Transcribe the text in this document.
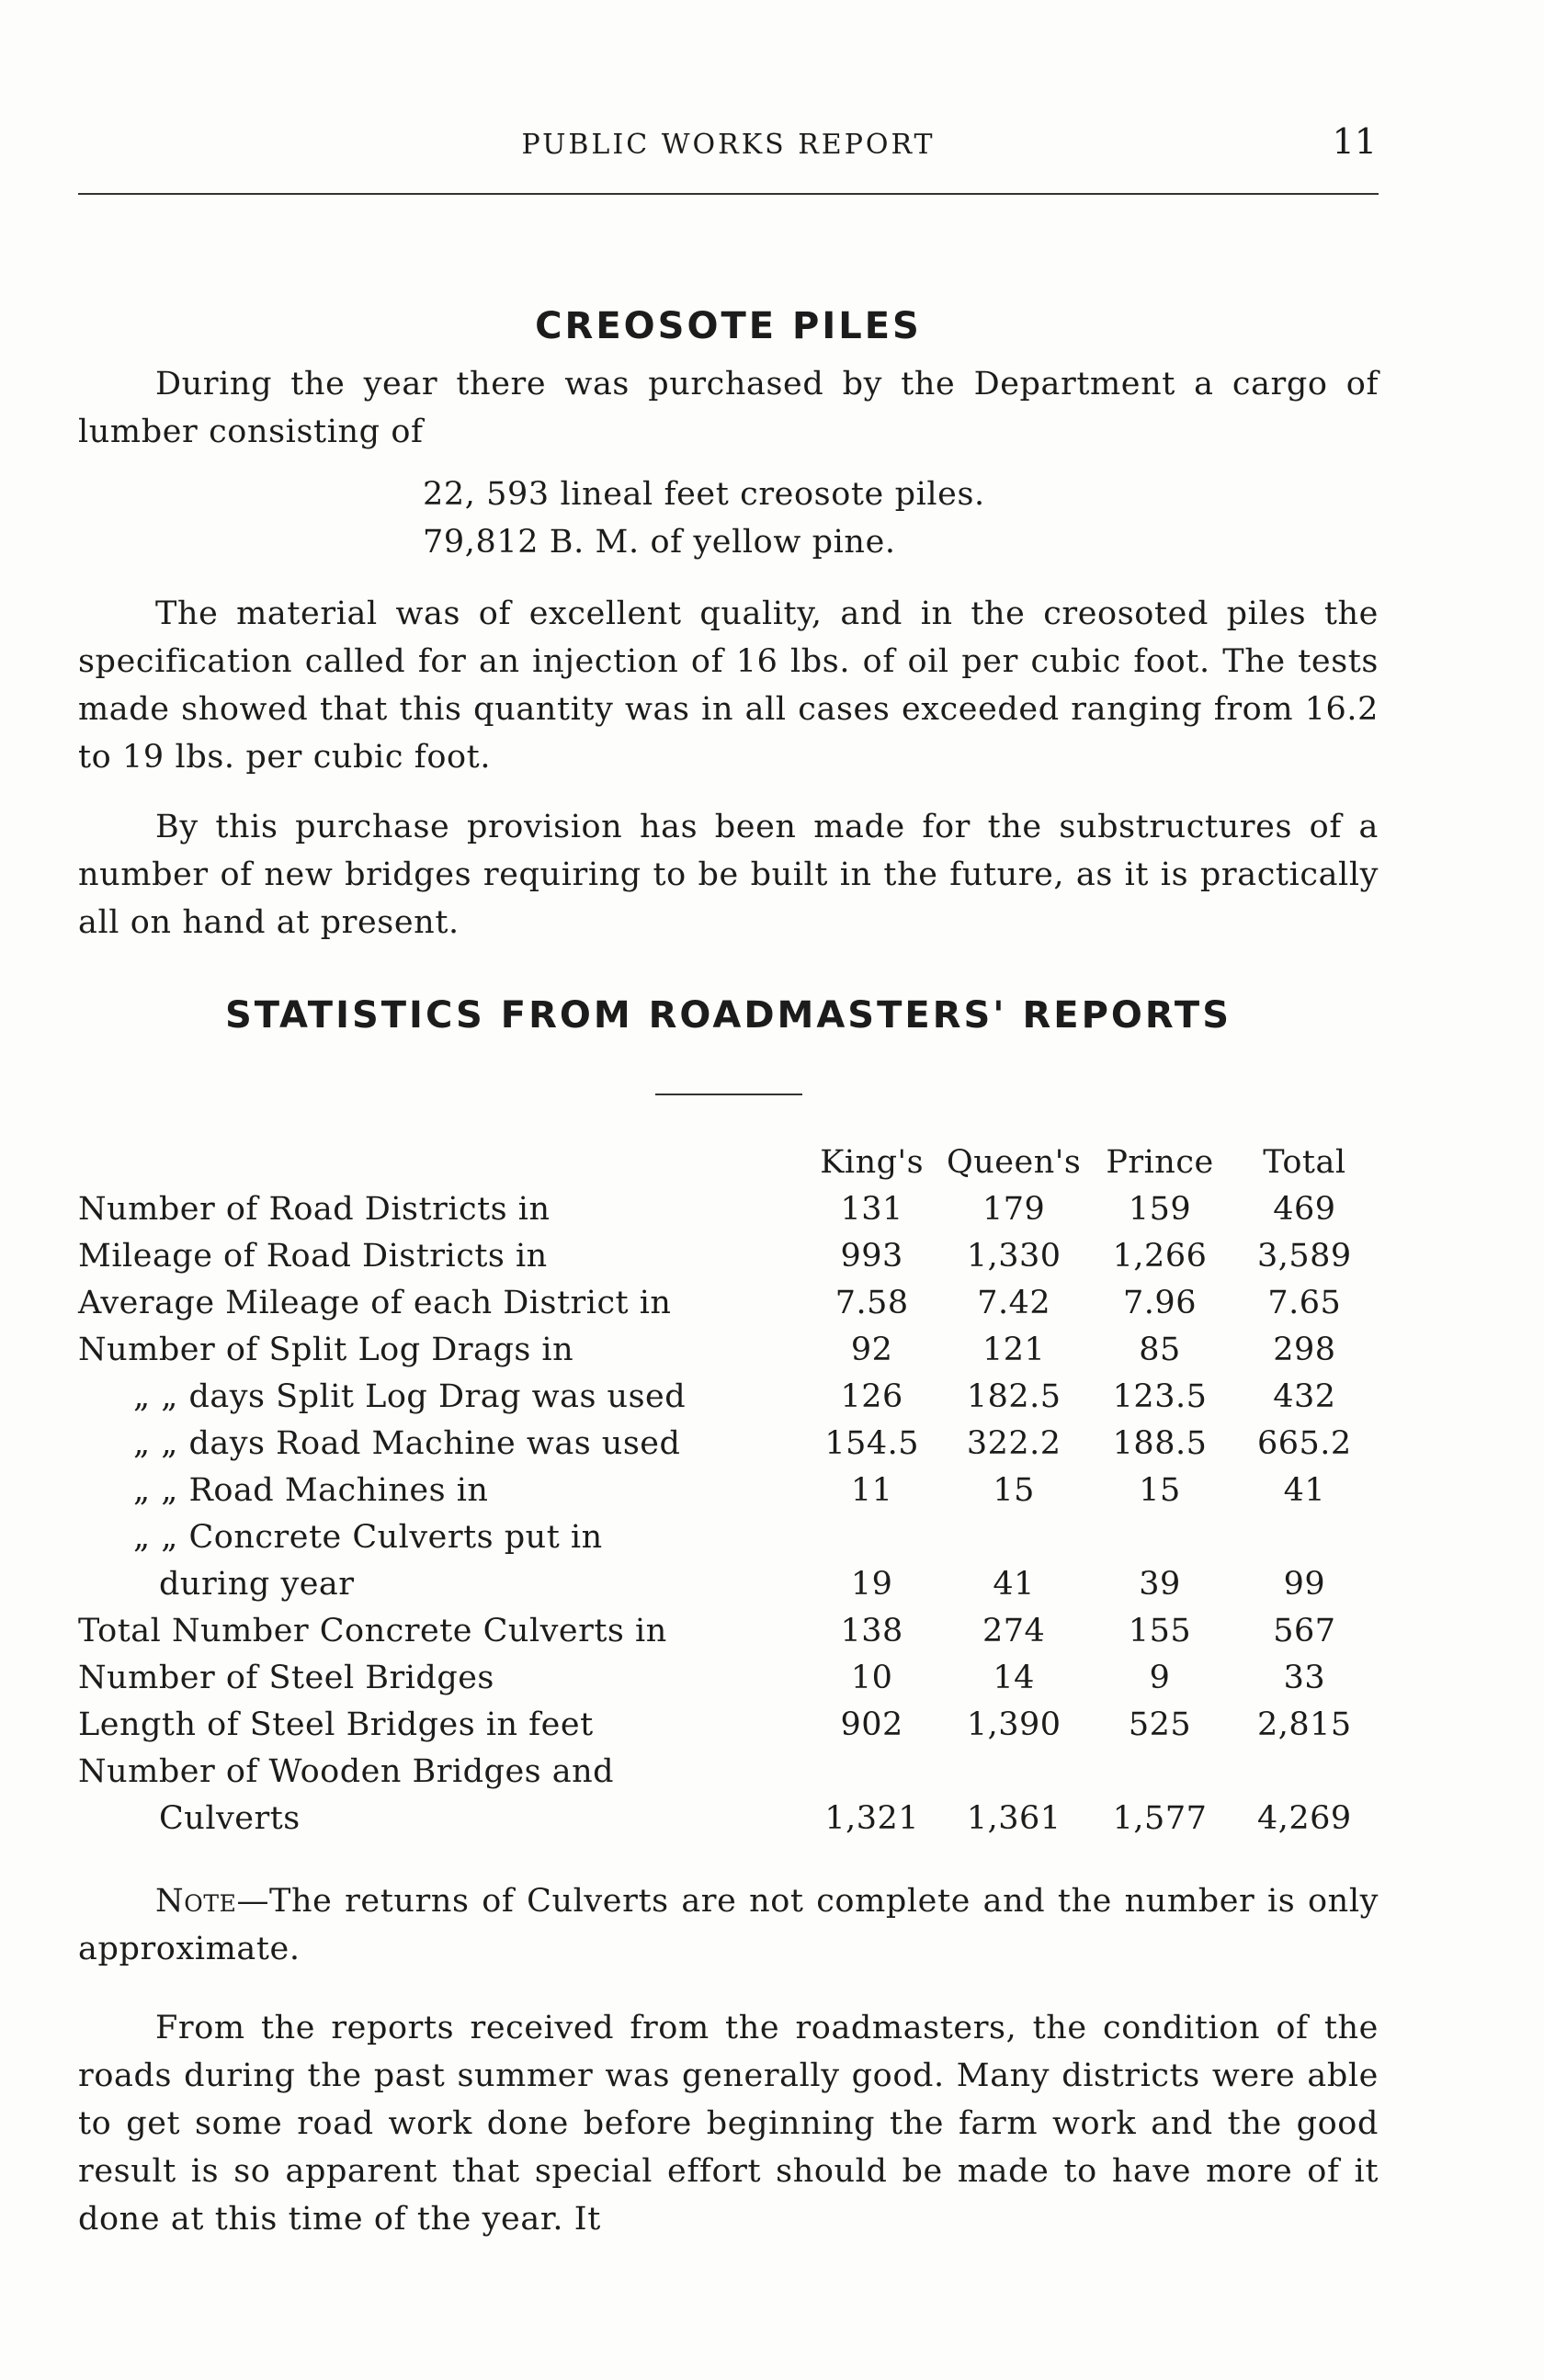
PUBLIC WORKS REPORT	11
CREOSOTE PILES

During the year there was purchased by the Department a cargo of lumber consisting of

22, 593 lineal feet creosote piles.
79,812 B. M. of yellow pine.

The material was of excellent quality, and in the creosoted piles the specification called for an injection of 16 lbs. of oil per cubic foot. The tests made showed that this quantity was in all cases exceeded ranging from 16.2 to 19 lbs. per cubic foot.

By this purchase provision has been made for the substructures of a number of new bridges requiring to be built in the future, as it is practically all on hand at present.

STATISTICS FROM ROADMASTERS' REPORTS
	King's	Queen's	Prince	Total
Number of Road Districts in	131	179	159	469
Mileage of Road Districts in	993	1,330	1,266	3,589
Average Mileage of each District in	7.58	7.42	7.96	7.65
Number of Split Log Drags in	92	121	85	298
„ „ days Split Log Drag was used	126	182.5	123.5	432
„ „ days Road Machine was used	154.5	322.2	188.5	665.2
„ „ Road Machines in	11	15	15	41
„ „ Concrete Culverts put in				
during year	19	41	39	99
Total Number Concrete Culverts in	138	274	155	567
Number of Steel Bridges	10	14	9	33
Length of Steel Bridges in feet	902	1,390	525	2,815
Number of Wooden Bridges and				
Culverts	1,321	1,361	1,577	4,269

Note—The returns of Culverts are not complete and the number is only approximate.

From the reports received from the roadmasters, the condition of the roads during the past summer was generally good. Many districts were able to get some road work done before beginning the farm work and the good result is so apparent that special effort should be made to have more of it done at this time of the year. It
